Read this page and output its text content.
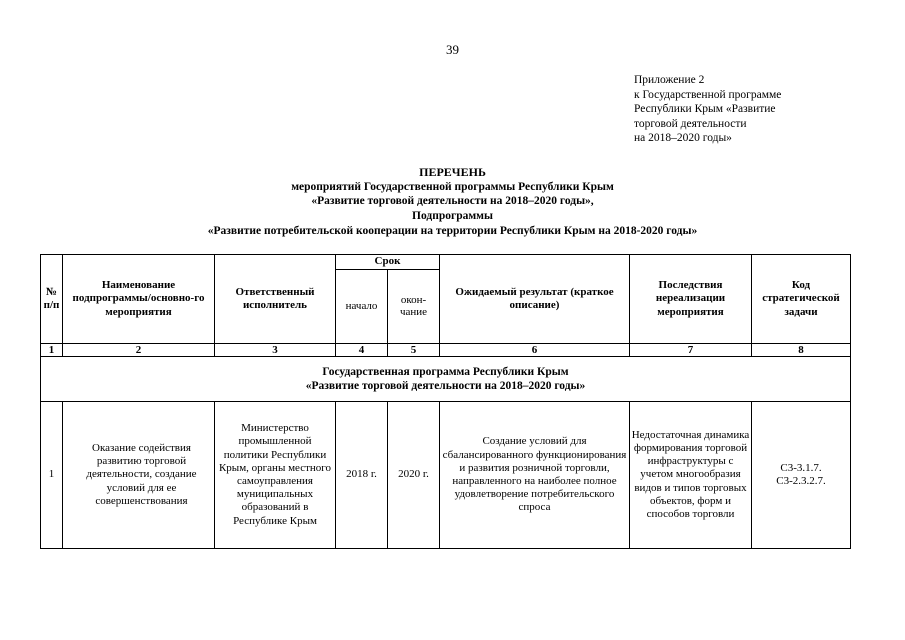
39
Приложение 2
к Государственной программе
Республики Крым «Развитие
торговой деятельности
на 2018–2020 годы»
ПЕРЕЧЕНЬ
мероприятий Государственной программы Республики Крым
«Развитие торговой деятельности на 2018–2020 годы»,
Подпрограммы
«Развитие потребительской кооперации на территории Республики Крым на 2018-2020 годы»
№ п/п	Наименование подпрограммы/основно-го мероприятия	Ответственный исполнитель	Срок		Ожидаемый результат (краткое описание)	Последствия нереализации мероприятия	Код стратегической задачи
			начало	окон-чание			
1	2	3	4	5	6	7	8

Государственная программа Республики Крым
«Развитие торговой деятельности на 2018–2020 годы»							

1	Оказание содействия развитию торговой деятельности, создание условий для ее совершенствования	Министерство промышленной политики Республики Крым, органы местного самоуправления муниципальных образований в Республике Крым	2018 г.	2020 г.	Создание условий для сбалансированного функционирования и развития розничной торговли, направленного на наиболее полное удовлетворение потребительского спроса	Недостаточная динамика формирования торговой инфраструктуры с учетом многообразия видов и типов торговых объектов, форм и способов торговли	С3-3.1.7.
С3-2.3.2.7.
